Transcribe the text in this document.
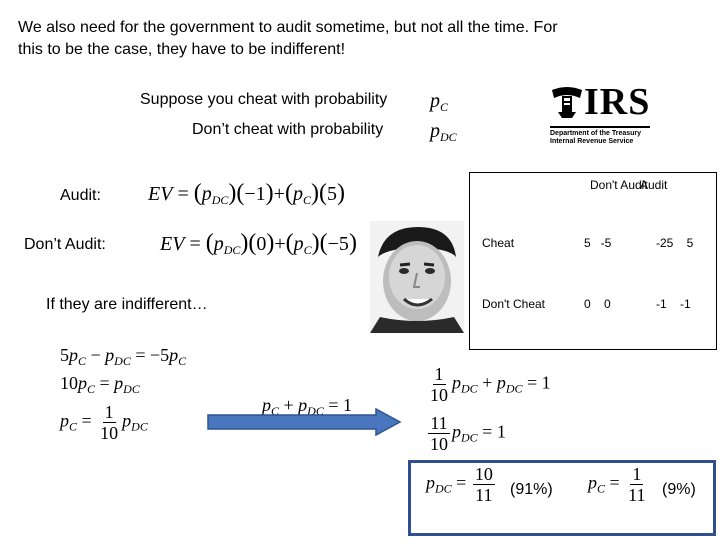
We also need for the government to audit sometime, but not all the time. For
this to be the case, they have to be indifferent!
Suppose you cheat with probability $p_C$
Don’t cheat with probability $p_{DC}$
IRS
Department of the Treasury
Internal Revenue Service
Audit: EV = $(p_{DC})(-1)+(p_C)(5)$
Don’t Audit:	EV = $(p_{DC})(0)+(p_C)(-5)$
If they are indifferent…
Don't Audit
Audit
Cheat	5   -5	-25    5
Don't Cheat	0    0	-1    -1
$5p_C - p_{DC} = -5p_C$
$10p_C = p_{DC}$
$p_C = \frac{1}{10} p_{DC}$
$p_C + p_{DC} = 1$	$\frac{1}{10} p_{DC} + p_{DC} = 1$
$\frac{11}{10} p_{DC} = 1$
$p_{DC} = \frac{10}{11} (91\%) p_C = \frac{1}{11} (9\%)$
